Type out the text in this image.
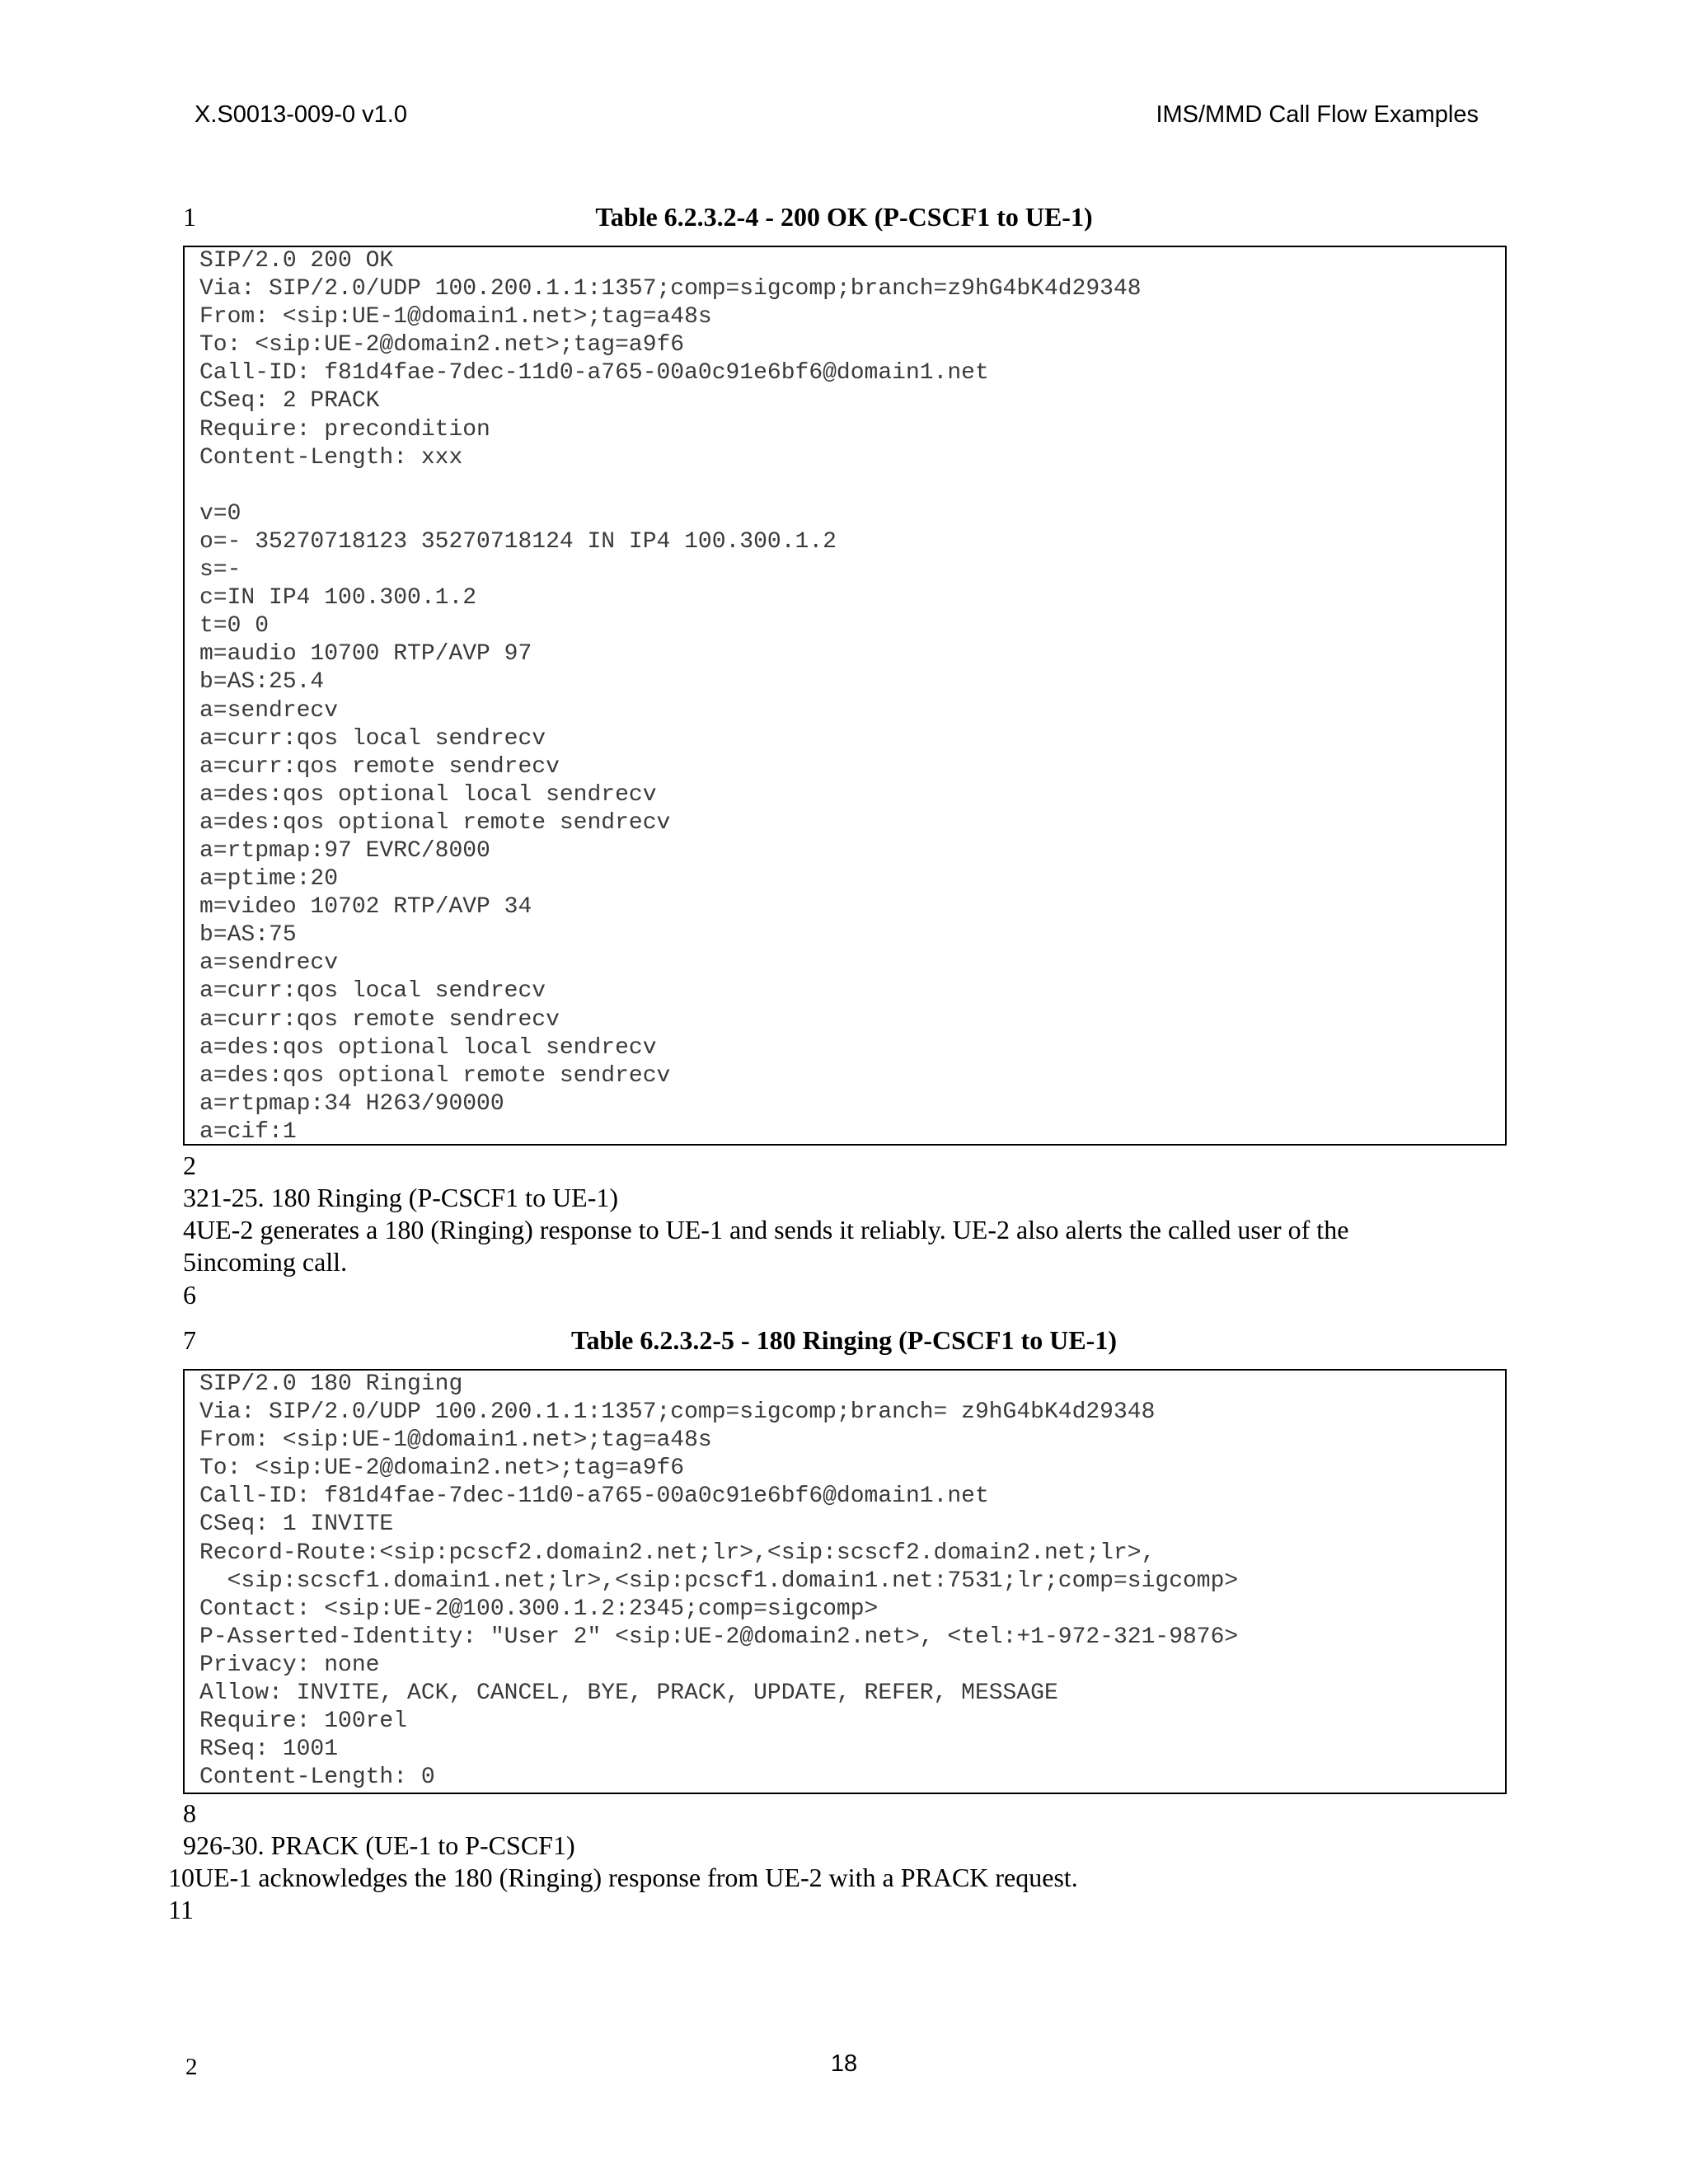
X.S0013-009-0 v1.0	IMS/MMD Call Flow Examples
1	Table 6.2.3.2-4 - 200 OK (P-CSCF1 to UE-1)
SIP/2.0 200 OK
Via: SIP/2.0/UDP 100.200.1.1:1357;comp=sigcomp;branch=z9hG4bK4d29348
From: <sip:UE-1@domain1.net>;tag=a48s
To: <sip:UE-2@domain2.net>;tag=a9f6
Call-ID: f81d4fae-7dec-11d0-a765-00a0c91e6bf6@domain1.net
CSeq: 2 PRACK
Require: precondition
Content-Length: xxx
v=0
o=- 35270718123 35270718124 IN IP4 100.300.1.2
s=-
c=IN IP4 100.300.1.2
t=0 0
m=audio 10700 RTP/AVP 97
b=AS:25.4
a=sendrecv
a=curr:qos local sendrecv
a=curr:qos remote sendrecv
a=des:qos optional local sendrecv
a=des:qos optional remote sendrecv
a=rtpmap:97 EVRC/8000
a=ptime:20
m=video 10702 RTP/AVP 34
b=AS:75
a=sendrecv
a=curr:qos local sendrecv
a=curr:qos remote sendrecv
a=des:qos optional local sendrecv
a=des:qos optional remote sendrecv
a=rtpmap:34 H263/90000
a=cif:1
2
321-25. 180 Ringing (P-CSCF1 to UE-1)
4UE-2 generates a 180 (Ringing) response to UE-1 and sends it reliably. UE-2 also alerts the called user of the
5incoming call.
6
7	Table 6.2.3.2-5 - 180 Ringing (P-CSCF1 to UE-1)
SIP/2.0 180 Ringing
Via: SIP/2.0/UDP 100.200.1.1:1357;comp=sigcomp;branch= z9hG4bK4d29348
From: <sip:UE-1@domain1.net>;tag=a48s
To: <sip:UE-2@domain2.net>;tag=a9f6
Call-ID: f81d4fae-7dec-11d0-a765-00a0c91e6bf6@domain1.net
CSeq: 1 INVITE
Record-Route:<sip:pcscf2.domain2.net;lr>,<sip:scscf2.domain2.net;lr>,
<sip:scscf1.domain1.net;lr>,<sip:pcscf1.domain1.net:7531;lr;comp=sigcomp>
Contact: <sip:UE-2@100.300.1.2:2345;comp=sigcomp>
P-Asserted-Identity: "User 2" <sip:UE-2@domain2.net>, <tel:+1-972-321-9876>
Privacy: none
Allow: INVITE, ACK, CANCEL, BYE, PRACK, UPDATE, REFER, MESSAGE
Require: 100rel
RSeq: 1001
Content-Length: 0
8
926-30. PRACK (UE-1 to P-CSCF1)
10UE-1 acknowledges the 180 (Ringing) response from UE-2 with a PRACK request.
11
2	18
